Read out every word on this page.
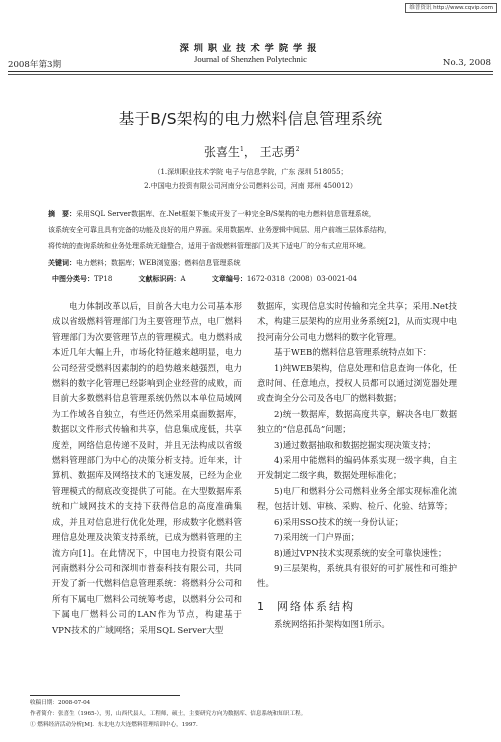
维普资讯 http://www.cqvip.com
2008年第3期
深圳职业技术学院学报
Journal of Shenzhen Polytechnic	No.3, 2008
基于B/S架构的电力燃料信息管理系统
张喜生$^1$， 王志勇$^2$
（1.深圳职业技术学院 电子与信息学院，广东 深圳 518055；
2.中国电力投资有限公司河南分公司燃料公司，河南 郑州 450012）
摘　要：采用SQL Server数据库、在.Net框架下集成开发了一种完全B/S架构的电力燃料信息管理系统，
该系统安全可靠且具有完备的功能及良好的用户界面。采用数据库、业务逻辑中间层、用户前端三层体系结构，
将传统的查询系统和业务处理系统无缝整合，适用于省级燃料管理部门及其下适电厂的分布式应用环境。
关键词：电力燃料；数据库；WEB浏览器；燃料信息管理系统
中图分类号：TP18	文献标识码：A	文章编号：1672-0318（2008）03-0021-04

电力体制改革以后，目前各大电力公司基本形成以省级燃料管理部门为主要管理节点，电厂燃料管理部门为次要管理节点的管理模式。电力燃料成本近几年大幅上升，市场化特征越来越明显，电力公司经营受燃料因素制约的趋势越来越强烈，电力燃料的数字化管理已经影响到企业经营的成败，而目前大多数燃料信息管理系统仍然以本单位局域网为工作域各自独立，有些还仍然采用桌面数据库，数据以文件形式传输和共享，信息集成度低，共享度差，网络信息传递不及时，并且无法构成以省级燃料管理部门为中心的决策分析支持。近年来，计算机、数据库及网络技术的飞速发展，已经为企业管理模式的彻底改变提供了可能。在大型数据库系统和广域网技术的支持下获得信息的高度准确集成，并且对信息进行优化处理，形成数字化燃料管理信息处理及决策支持系统，已成为燃料管理的主流方向[1]。在此情况下，中国电力投资有限公司河南燃料分公司和深圳市普泰科技有限公司，共同开发了新一代燃料信息管理系统：将燃料分公司和所有下属电厂燃料公司统筹考虑，以燃料分公司和下属电厂燃料公司的LAN作为节点，构建基于VPN技术的广域网络；采用SQL Server大型

数据库，实现信息实时传输和完全共享；采用.Net技术，构建三层架构的应用业务系统[2]，从而实现中电投河南分公司电力燃料的数字化管理。

基于WEB的燃料信息管理系统特点如下：

1)纯WEB架构，信息处理和信息查询一体化，任意时间、任意地点，授权人员都可以通过浏览器处理或查询全分公司及各电厂的燃料数据；

2)统一数据库，数据高度共享，解决各电厂数据独立的“信息孤岛”问题；

3)通过数据抽取和数据挖掘实现决策支持；

4)采用中能燃料的编码体系实现一级字典，自主开发制定二级字典，数据处理标准化；

5)电厂和燃料分公司燃料业务全部实现标准化流程，包括计划、审核、采购、检斤、化验、结算等；

6)采用SSO技术的统一身份认证；

7)采用统一门户界面；

8)通过VPN技术实现系统的安全可靠快速性；

9)三层架构，系统具有很好的可扩展性和可维护性。

1 网络体系结构

系统网络拓扑架构如图1所示。

收稿日期：2008-07-04
作者简介：张喜生（1965-），男，山西代县人，工程师，硕士，主要研究方向为数据库、信息系统和知识工程。
① 燃料经济活动分析[M]．东北电力大连燃料管理培训中心，1997.
